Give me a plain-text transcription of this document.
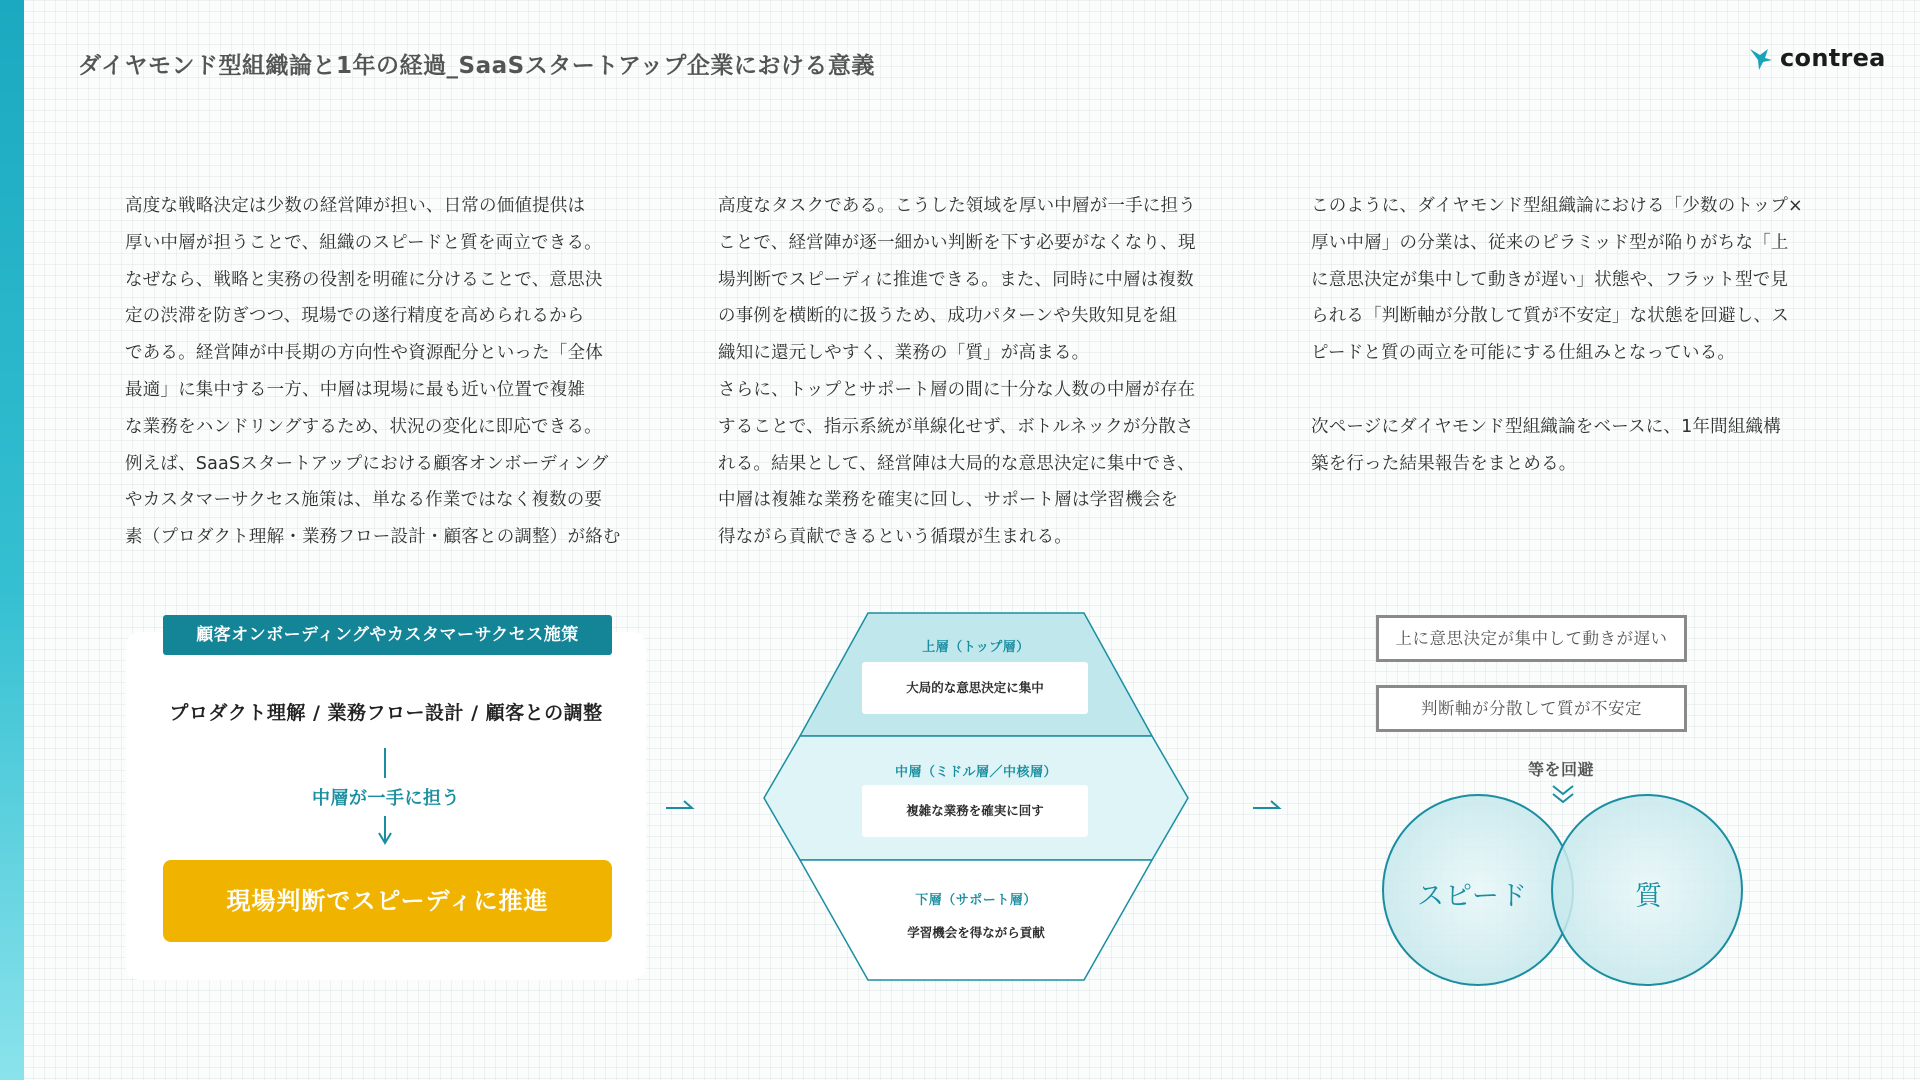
ダイヤモンド型組織論と1年の経過_SaaSスタートアップ企業における意義	contrea

高度な戦略決定は少数の経営陣が担い、日常の価値提供は

厚い中層が担うことで、組織のスピードと質を両立できる。

なぜなら、戦略と実務の役割を明確に分けることで、意思決

定の渋滞を防ぎつつ、現場での遂行精度を高められるから

である。経営陣が中長期の方向性や資源配分といった「全体

最適」に集中する一方、中層は現場に最も近い位置で複雑

な業務をハンドリングするため、状況の変化に即応できる。

例えば、SaaSスタートアップにおける顧客オンボーディング

やカスタマーサクセス施策は、単なる作業ではなく複数の要

素（プロダクト理解・業務フロー設計・顧客との調整）が絡む

高度なタスクである。こうした領域を厚い中層が一手に担う

ことで、経営陣が逐一細かい判断を下す必要がなくなり、現

場判断でスピーディに推進できる。また、同時に中層は複数

の事例を横断的に扱うため、成功パターンや失敗知見を組

織知に還元しやすく、業務の「質」が高まる。

さらに、トップとサポート層の間に十分な人数の中層が存在

することで、指示系統が単線化せず、ボトルネックが分散さ

れる。結果として、経営陣は大局的な意思決定に集中でき、

中層は複雑な業務を確実に回し、サポート層は学習機会を

得ながら貢献できるという循環が生まれる。

このように、ダイヤモンド型組織論における「少数のトップ×

厚い中層」の分業は、従来のピラミッド型が陥りがちな「上

に意思決定が集中して動きが遅い」状態や、フラット型で見

られる「判断軸が分散して質が不安定」な状態を回避し、ス

ピードと質の両立を可能にする仕組みとなっている。

次ページにダイヤモンド型組織論をベースに、1年間組織構

築を行った結果報告をまとめる。

顧客オンボーディングやカスタマーサクセス施策
プロダクト理解 / 業務フロー設計 / 顧客との調整
中層が一手に担う
現場判断でスピーディに推進
上層（トップ層）
大局的な意思決定に集中
中層（ミドル層／中核層）
複雑な業務を確実に回す
下層（サポート層）
学習機会を得ながら貢献
上に意思決定が集中して動きが遅い
判断軸が分散して質が不安定
等を回避
スピード	質
